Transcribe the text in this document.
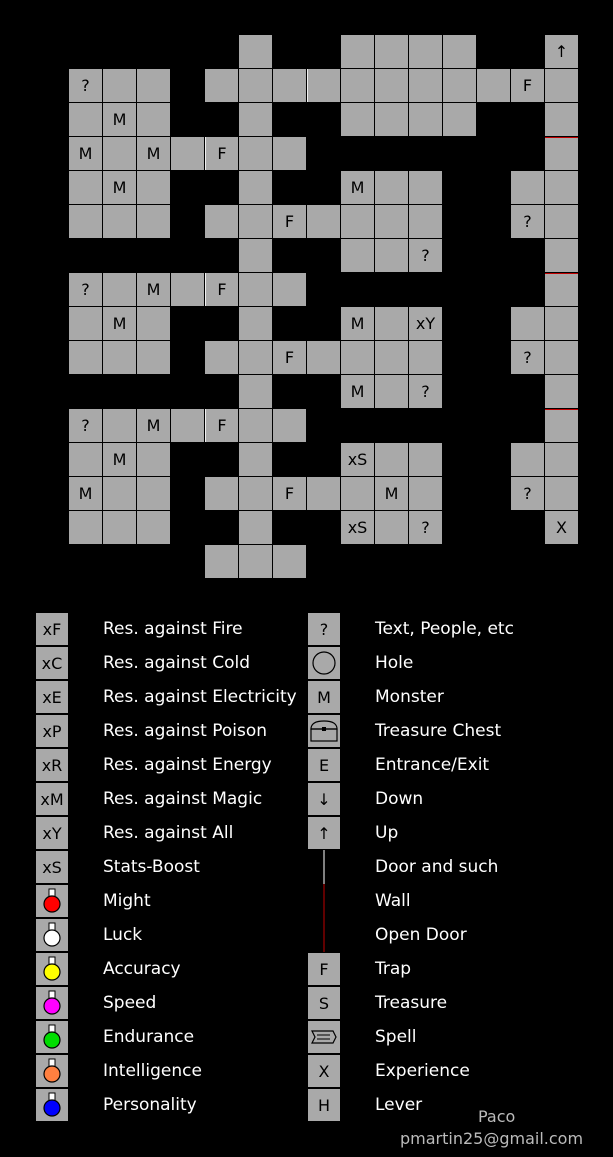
↑
?	F
M
M	M	F
M	M
F	?
?
?	M	F
M	M	xY
F	?
M	?
?	M	F
M	xS
M	F	M	?
xS	?	X
xF	Res. against Fire
xC	Res. against Cold
xE	Res. against Electricity
xP	Res. against Poison
xR	Res. against Energy
xM Res. against Magic
xY	Res. against All
xS	Stats-Boost
Might
Luck
Accuracy
Speed
Endurance
Intelligence
Personality
?	Text, People, etc
Hole
M	Monster
Treasure Chest
E	Entrance/Exit
↓	Down
↑	Up
Door and such
Wall
Open Door
F	Trap
S	Treasure
Spell
X	Experience
H	Lever
Paco
pmartin25@gmail.com
